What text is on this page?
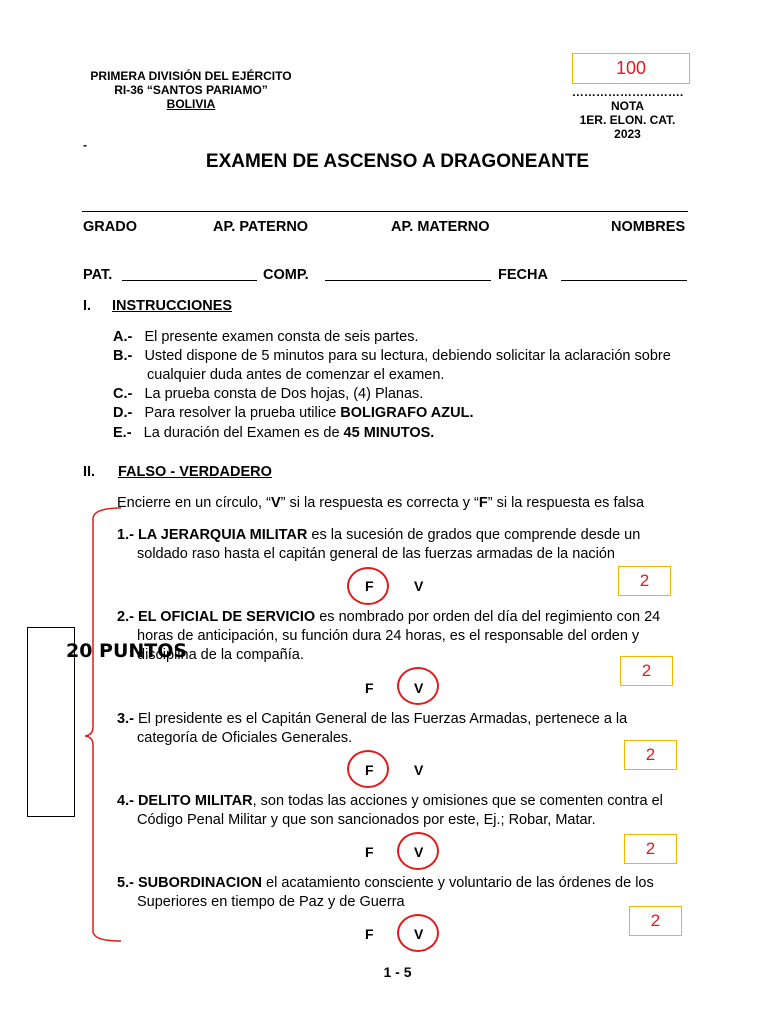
PRIMERA DIVISIÓN DEL EJÉRCITO
RI-36 “SANTOS PARIAMO”
BOLIVIA
100
……………………….
NOTA
1ER. ELON. CAT.
2023
-
EXAMEN DE ASCENSO A DRAGONEANTE
GRADO	AP. PATERNO	AP. MATERNO	NOMBRES
PAT.	COMP.	FECHA
I. INSTRUCCIONES
A.- El presente examen consta de seis partes.
B.- Usted dispone de 5 minutos para su lectura, debiendo solicitar la aclaración sobre
cualquier duda antes de comenzar el examen.
C.- La prueba consta de Dos hojas, (4) Planas.
D.- Para resolver la prueba utilice BOLIGRAFO AZUL.
E.- La duración del Examen es de 45 MINUTOS.
II. FALSO - VERDADERO
Encierre en un círculo, “V” si la respuesta es correcta y “F” si la respuesta es falsa
20 PUNTOS
1.- LA JERARQUIA MILITAR es la sucesión de grados que comprende desde un
soldado raso hasta el capitán general de las fuerzas armadas de la nación
F	V	2
2.- EL OFICIAL DE SERVICIO es nombrado por orden del día del regimiento con 24
horas de anticipación, su función dura 24 horas, es el responsable del orden y
disciplina de la compañía.
F	V
2
3.- El presidente es el Capitán General de las Fuerzas Armadas, pertenece a la
categoría de Oficiales Generales.
F	V
2
4.- DELITO MILITAR, son todas las acciones y omisiones que se comenten contra el
Código Penal Militar y que son sancionados por este, Ej.; Robar, Matar.
F	V	2
5.- SUBORDINACION el acatamiento consciente y voluntario de las órdenes de los
Superiores en tiempo de Paz y de Guerra
F	V
2
1 - 5
